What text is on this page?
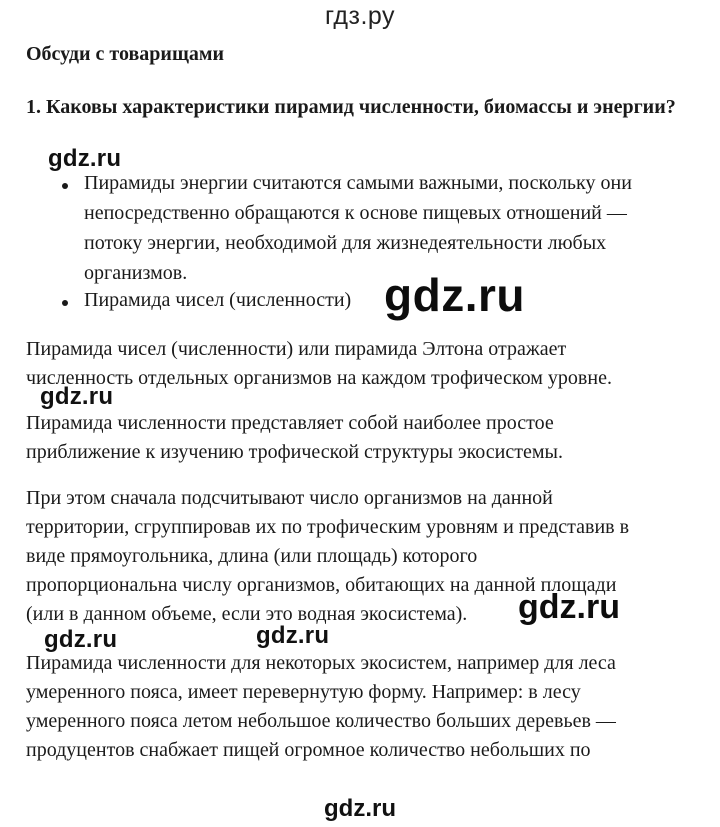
гдз.ру
Обсуди с товарищами
1. Каковы характеристики пирамид численности, биомассы и энергии?
gdz.ru
Пирамиды энергии считаются самыми важными, поскольку они
непосредственно обращаются к основе пищевых отношений —
потоку энергии, необходимой для жизнедеятельности любых
организмов.
Пирамида чисел (численности) gdz.ru
Пирамида чисел (численности) или пирамида Элтона отражает
численность отдельных организмов на каждом трофическом уровне.
gdz.ru
Пирамида численности представляет собой наиболее простое
приближение к изучению трофической структуры экосистемы.
При этом сначала подсчитывают число организмов на данной
территории, сгруппировав их по трофическим уровням и представив в
виде прямоугольника, длина (или площадь) которого
пропорциональна числу организмов, обитающих на данной площади
(или в данном объеме, если это водная экосистема). gdz.ru
gdz.ru	gdz.ru
Пирамида численности для некоторых экосистем, например для леса
умеренного пояса, имеет перевернутую форму. Например: в лесу
умеренного пояса летом небольшое количество больших деревьев —
продуцентов снабжает пищей огромное количество небольших по
gdz.ru
